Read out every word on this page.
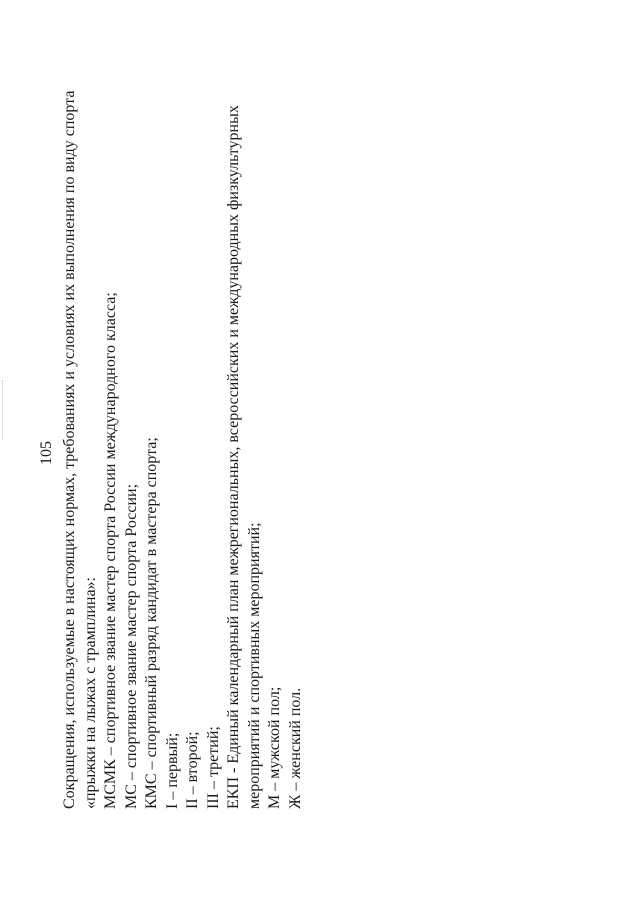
105 Сокращения, используемые в настоящих нормах, требованиях и условиях их выполнения по виду спорта «прыжки на лыжах с трамплина»: МСМК – спортивное звание мастер спорта России международного класса; МС – спортивное звание мастер спорта России; КМС – спортивный разряд кандидат в мастера спорта; I – первый; II – второй; III – третий; ЕКП - Единый календарный план межрегиональных, всероссийских и международных физкультурных мероприятий и спортивных мероприятий; М – мужской пол; Ж – женский пол.
